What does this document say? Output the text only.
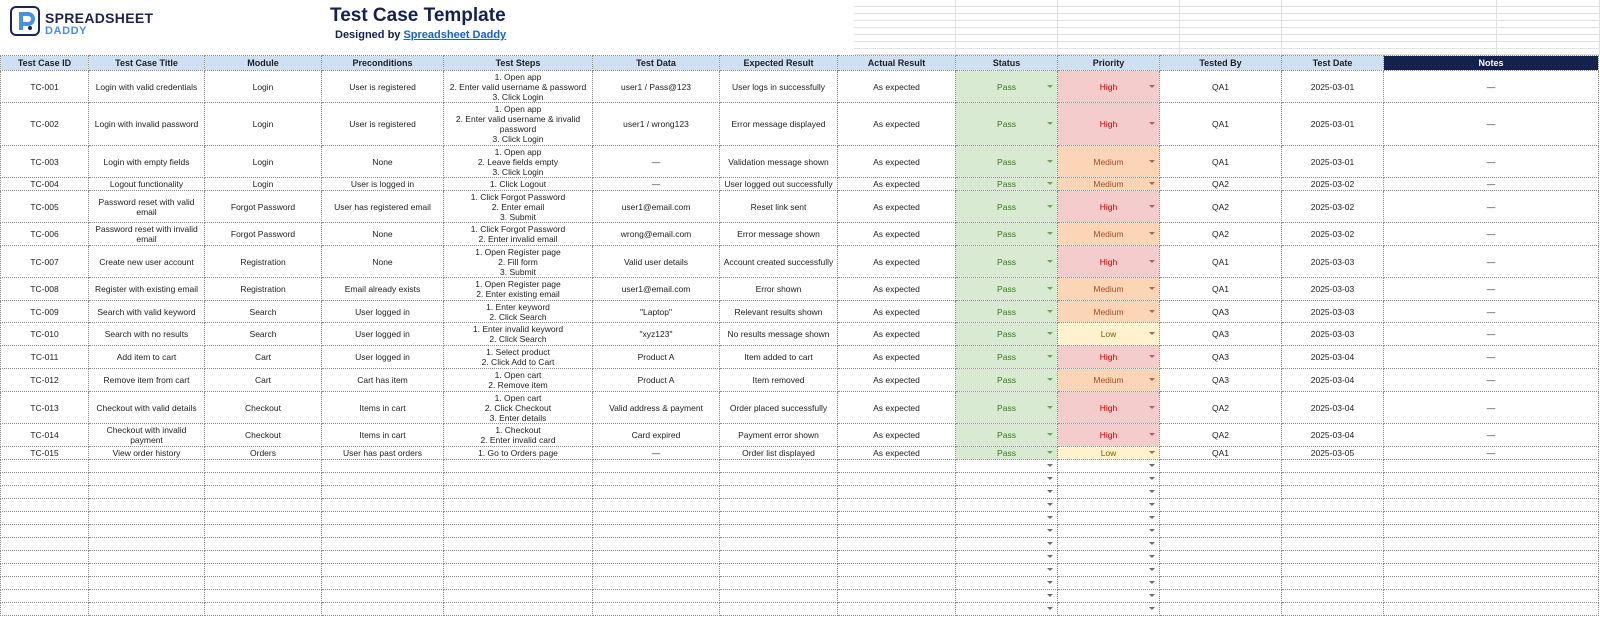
SPREADSHEET
DADDY
Test Case Template
Designed by Spreadsheet Daddy
Test Case ID	Test Case Title	Module	Preconditions	Test Steps	Test Data	Expected Result	Actual Result	Status	Priority	Tested By	Test Date	Notes
TC-001	Login with valid credentials	Login	User is registered	1. Open app
2. Enter valid username & password
3. Click Login	user1 / Pass@123	User logs in successfully	As expected	Pass	High	QA1	2025-03-01	—
TC-002	Login with invalid password	Login	User is registered	1. Open app
2. Enter valid username & invalid password
3. Click Login	user1 / wrong123	Error message displayed	As expected	Pass	High	QA1	2025-03-01	—
TC-003	Login with empty fields	Login	None	1. Open app
2. Leave fields empty
3. Click Login	—	Validation message shown	As expected	Pass	Medium	QA1	2025-03-01	—
TC-004	Logout functionality	Login	User is logged in	1. Click Logout	—	User logged out successfully	As expected	Pass	Medium	QA2	2025-03-02	—
TC-005	Password reset with valid email	Forgot Password	User has registered email	1. Click Forgot Password
2. Enter email
3. Submit	user1@email.com	Reset link sent	As expected	Pass	High	QA2	2025-03-02	—
TC-006	Password reset with invalid email	Forgot Password	None	1. Click Forgot Password
2. Enter invalid email	wrong@email.com	Error message shown	As expected	Pass	Medium	QA2	2025-03-02	—
TC-007	Create new user account	Registration	None	1. Open Register page
2. Fill form
3. Submit	Valid user details	Account created successfully	As expected	Pass	High	QA1	2025-03-03	—
TC-008	Register with existing email	Registration	Email already exists	1. Open Register page
2. Enter existing email	user1@email.com	Error shown	As expected	Pass	Medium	QA1	2025-03-03	—
TC-009	Search with valid keyword	Search	User logged in	1. Enter keyword
2. Click Search	"Laptop"	Relevant results shown	As expected	Pass	Medium	QA3	2025-03-03	—
TC-010	Search with no results	Search	User logged in	1. Enter invalid keyword
2. Click Search	"xyz123"	No results message shown	As expected	Pass	Low	QA3	2025-03-03	—
TC-011	Add item to cart	Cart	User logged in	1. Select product
2. Click Add to Cart	Product A	Item added to cart	As expected	Pass	High	QA3	2025-03-04	—
TC-012	Remove item from cart	Cart	Cart has item	1. Open cart
2. Remove item	Product A	Item removed	As expected	Pass	Medium	QA3	2025-03-04	—
TC-013	Checkout with valid details	Checkout	Items in cart	1. Open cart
2. Click Checkout
3. Enter details	Valid address & payment	Order placed successfully	As expected	Pass	High	QA2	2025-03-04	—
TC-014	Checkout with invalid payment	Checkout	Items in cart	1. Checkout
2. Enter invalid card	Card expired	Payment error shown	As expected	Pass	High	QA2	2025-03-04	—
TC-015	View order history	Orders	User has past orders	1. Go to Orders page	—	Order list displayed	As expected	Pass	Low	QA1	2025-03-05	—
